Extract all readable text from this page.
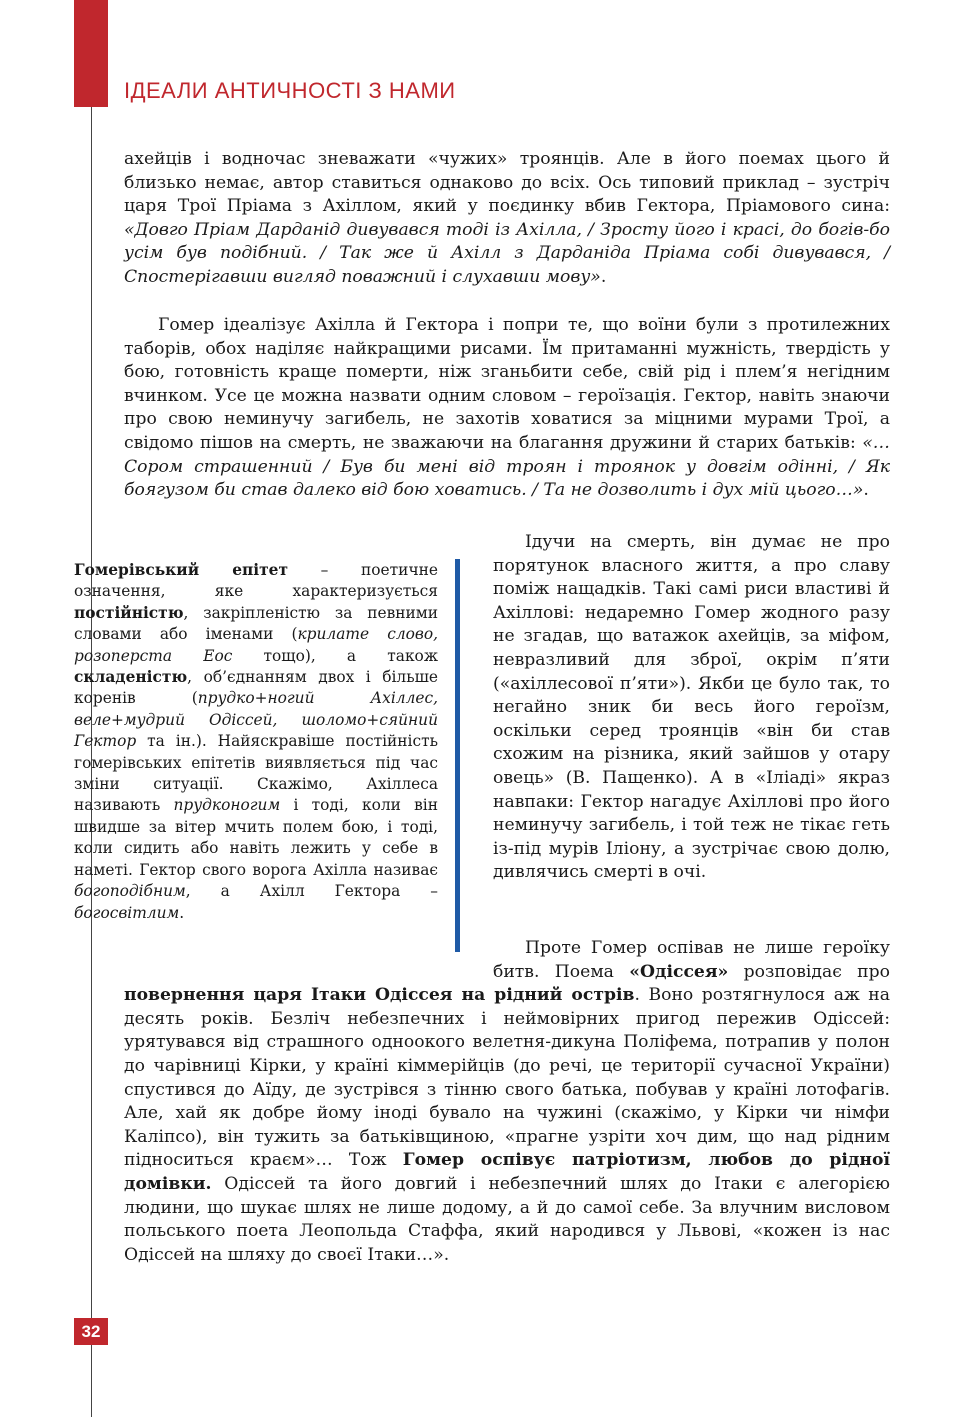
ІДЕАЛИ АНТИЧНОСТІ З НАМИ

ахейців і водночас зневажати «чужих» троянців. Але в його поемах цього й близько немає, автор ставиться однаково до всіх. Ось типовий приклад – зустріч царя Трої Пріама з Ахіллом, який у поєдинку вбив Гектора, Пріамового сина: «Довго Пріам Дарданід дивувався тоді із Ахілла, / Зросту його і красі, до богів-бо усім був подібний. / Так же й Ахілл з Дарданіда Пріама собі дивувався, / Спостерігавши вигляд поважний і слухавши мову».

Гомер ідеалізує Ахілла й Гектора і попри те, що воїни були з протилежних таборів, обох наділяє найкращими рисами. Їм притаманні мужність, твердість у бою, готовність краще померти, ніж зганьбити себе, свій рід і плем’я негідним вчинком. Усе це можна назвати одним словом – героїзація. Гектор, навіть знаючи про свою неминучу загибель, не захотів ховатися за міцними мурами Трої, а свідомо пішов на смерть, не зважаючи на благання дружини й старих батьків: «…Сором страшенний / Був би мені від троян і троянок у довгім одінні, / Як боягузом би став далеко від бою ховатись. / Та не дозволить і дух мій цього…».

Гомерівський епітет – поетичне означення, яке характеризується постійністю, закріпленістю за певними словами або іменами (крилате слово, розоперста Еос тощо), а також складеністю, об’єднанням двох і більше коренів (прудко+ногий Ахіллес, веле+мудрий Одіссей, шоломо+сяйний Гектор та ін.). Найяскравіше постійність гомерівських епітетів виявляється під час зміни ситуації. Скажімо, Ахіллеса називають прудконогим і тоді, коли він швидше за вітер мчить полем бою, і тоді, коли сидить або навіть лежить у себе в наметі. Гектор свого ворога Ахілла називає богоподібним, а Ахілл Гектора – богосвітлим.

Ідучи на смерть, він думає не про порятунок власного життя, а про славу поміж нащадків. Такі самі риси властиві й Ахіллові: недаремно Гомер жодного разу не згадав, що ватажок ахейців, за міфом, невразливий для зброї, окрім п’яти («ахіллесової п’яти»). Якби це було так, то негайно зник би весь його героїзм, оскільки серед троянців «він би став схожим на різника, який зайшов у отару овець» (В. Пащенко). А в «Іліаді» якраз навпаки: Гектор нагадує Ахіллові про його неминучу загибель, і той теж не тікає геть із-під мурів Іліону, а зустрічає свою долю, дивлячись смерті в очі.

Проте Гомер оспівав не лише героїку битв. Поема «Одіссея» розповідає про повернення царя Ітаки Одіссея на рідний острів. Воно розтягнулося аж на десять років. Безліч небезпечних і неймовірних пригод пережив Одіссей: урятувався від страшного одноокого велетня-дикуна Поліфема, потрапив у полон до чарівниці Кірки, у країні кіммерійців (до речі, це території сучасної України) спустився до Аїду, де зустрівся з тінню свого батька, побував у країні лотофагів. Але, хай як добре йому іноді бувало на чужині (скажімо, у Кірки чи німфи Каліпсо), він тужить за батьківщиною, «прагне узріти хоч дим, що над рідним підноситься краєм»… Тож Гомер оспівує патріотизм, любов до рідної домівки. Одіссей та його довгий і небезпечний шлях до Ітаки є алегорією людини, що шукає шлях не лише додому, а й до самої себе. За влучним висловом польського поета Леопольда Стаффа, який народився у Львові, «кожен із нас Одіссей на шляху до своєї Ітаки…».

32
